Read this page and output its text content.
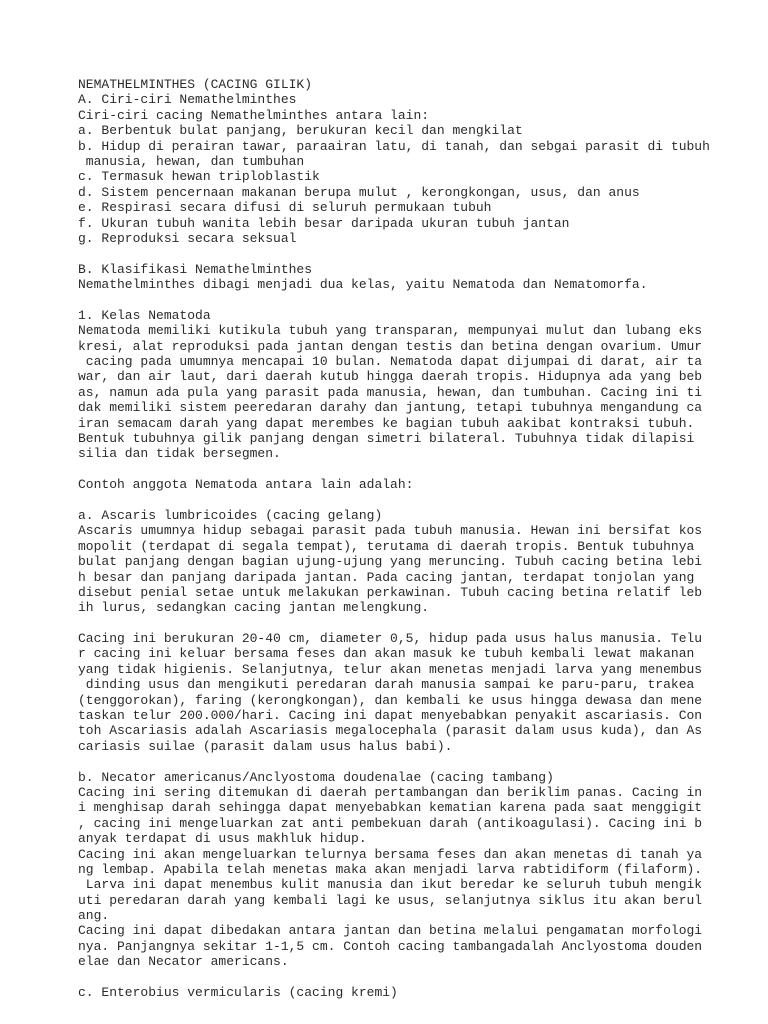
NEMATHELMINTHES (CACING GILIK)
A. Ciri-ciri Nemathelminthes
Ciri-ciri cacing Nemathelminthes antara lain:
a. Berbentuk bulat panjang, berukuran kecil dan mengkilat
b. Hidup di perairan tawar, paraairan latu, di tanah, dan sebgai parasit di tubuh
manusia, hewan, dan tumbuhan
c. Termasuk hewan triploblastik
d. Sistem pencernaan makanan berupa mulut , kerongkongan, usus, dan anus
e. Respirasi secara difusi di seluruh permukaan tubuh
f. Ukuran tubuh wanita lebih besar daripada ukuran tubuh jantan
g. Reproduksi secara seksual
B. Klasifikasi Nemathelminthes
Nemathelminthes dibagi menjadi dua kelas, yaitu Nematoda dan Nematomorfa.
1. Kelas Nematoda
Nematoda memiliki kutikula tubuh yang transparan, mempunyai mulut dan lubang eks
kresi, alat reproduksi pada jantan dengan testis dan betina dengan ovarium. Umur
cacing pada umumnya mencapai 10 bulan. Nematoda dapat dijumpai di darat, air ta
war, dan air laut, dari daerah kutub hingga daerah tropis. Hidupnya ada yang beb
as, namun ada pula yang parasit pada manusia, hewan, dan tumbuhan. Cacing ini ti
dak memiliki sistem peeredaran darahy dan jantung, tetapi tubuhnya mengandung ca
iran semacam darah yang dapat merembes ke bagian tubuh aakibat kontraksi tubuh.
Bentuk tubuhnya gilik panjang dengan simetri bilateral. Tubuhnya tidak dilapisi
silia dan tidak bersegmen.
Contoh anggota Nematoda antara lain adalah:
a. Ascaris lumbricoides (cacing gelang)
Ascaris umumnya hidup sebagai parasit pada tubuh manusia. Hewan ini bersifat kos
mopolit (terdapat di segala tempat), terutama di daerah tropis. Bentuk tubuhnya
bulat panjang dengan bagian ujung-ujung yang meruncing. Tubuh cacing betina lebi
h besar dan panjang daripada jantan. Pada cacing jantan, terdapat tonjolan yang
disebut penial setae untuk melakukan perkawinan. Tubuh cacing betina relatif leb
ih lurus, sedangkan cacing jantan melengkung.
Cacing ini berukuran 20-40 cm, diameter 0,5, hidup pada usus halus manusia. Telu
r cacing ini keluar bersama feses dan akan masuk ke tubuh kembali lewat makanan
yang tidak higienis. Selanjutnya, telur akan menetas menjadi larva yang menembus
dinding usus dan mengikuti peredaran darah manusia sampai ke paru-paru, trakea
(tenggorokan), faring (kerongkongan), dan kembali ke usus hingga dewasa dan mene
taskan telur 200.000/hari. Cacing ini dapat menyebabkan penyakit ascariasis. Con
toh Ascariasis adalah Ascariasis megalocephala (parasit dalam usus kuda), dan As
cariasis suilae (parasit dalam usus halus babi).
b. Necator americanus/Anclyostoma doudenalae (cacing tambang)
Cacing ini sering ditemukan di daerah pertambangan dan beriklim panas. Cacing in
i menghisap darah sehingga dapat menyebabkan kematian karena pada saat menggigit
, cacing ini mengeluarkan zat anti pembekuan darah (antikoagulasi). Cacing ini b
anyak terdapat di usus makhluk hidup.
Cacing ini akan mengeluarkan telurnya bersama feses dan akan menetas di tanah ya
ng lembap. Apabila telah menetas maka akan menjadi larva rabtidiform (filaform).
Larva ini dapat menembus kulit manusia dan ikut beredar ke seluruh tubuh mengik
uti peredaran darah yang kembali lagi ke usus, selanjutnya siklus itu akan berul
ang.
Cacing ini dapat dibedakan antara jantan dan betina melalui pengamatan morfologi
nya. Panjangnya sekitar 1-1,5 cm. Contoh cacing tambangadalah Anclyostoma douden
elae dan Necator americans.
c. Enterobius vermicularis (cacing kremi)
